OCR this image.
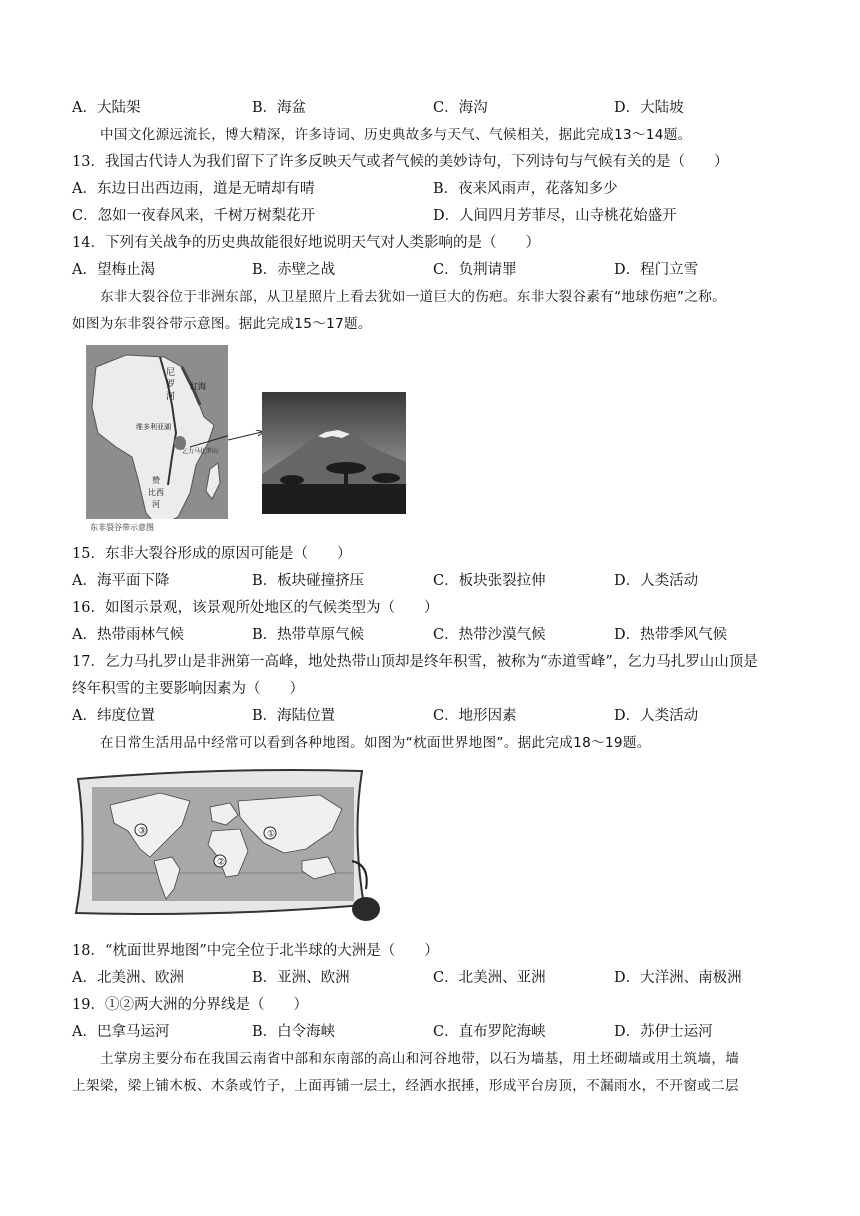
A．大陆架	B．海盆	C．海沟	D．大陆坡
中国文化源远流长，博大精深，许多诗词、历史典故多与天气、气候相关，据此完成13～14题。
13．我国古代诗人为我们留下了许多反映天气或者气候的美妙诗句，下列诗句与气候有关的是（　　）
A．东边日出西边雨，道是无晴却有晴	B．夜来风雨声，花落知多少
C．忽如一夜春风来，千树万树梨花开	D．人间四月芳菲尽，山寺桃花始盛开
14．下列有关战争的历史典故能很好地说明天气对人类影响的是（　　）
A．望梅止渴	B．赤壁之战	C．负荆请罪	D．程门立雪
东非大裂谷位于非洲东部，从卫星照片上看去犹如一道巨大的伤疤。东非大裂谷素有“地球伤疤”之称。
如图为东非裂谷带示意图。据此完成15～17题。
东非裂谷带示意图
尼
罗
河
红海
维多利亚湖
乞力马扎罗山
赞
比西
河
15．东非大裂谷形成的原因可能是（　　）
A．海平面下降	B．板块碰撞挤压	C．板块张裂拉伸	D．人类活动
16．如图示景观，该景观所处地区的气候类型为（　　）
A．热带雨林气候	B．热带草原气候	C．热带沙漠气候	D．热带季风气候
17．乞力马扎罗山是非洲第一高峰，地处热带山顶却是终年积雪，被称为“赤道雪峰”，乞力马扎罗山山顶是
终年积雪的主要影响因素为（　　）
A．纬度位置	B．海陆位置	C．地形因素	D．人类活动
在日常生活用品中经常可以看到各种地图。如图为“枕面世界地图”。据此完成18～19题。
③	①
②
18．“枕面世界地图”中完全位于北半球的大洲是（　　）
A．北美洲、欧洲	B．亚洲、欧洲	C．北美洲、亚洲	D．大洋洲、南极洲
19．①②两大洲的分界线是（　　）
A．巴拿马运河	B．白令海峡	C．直布罗陀海峡	D．苏伊士运河
土掌房主要分布在我国云南省中部和东南部的高山和河谷地带，以石为墙基，用土坯砌墙或用土筑墙，墙
上架梁，梁上铺木板、木条或竹子，上面再铺一层土，经洒水抿捶，形成平台房顶，不漏雨水，不开窗或二层
